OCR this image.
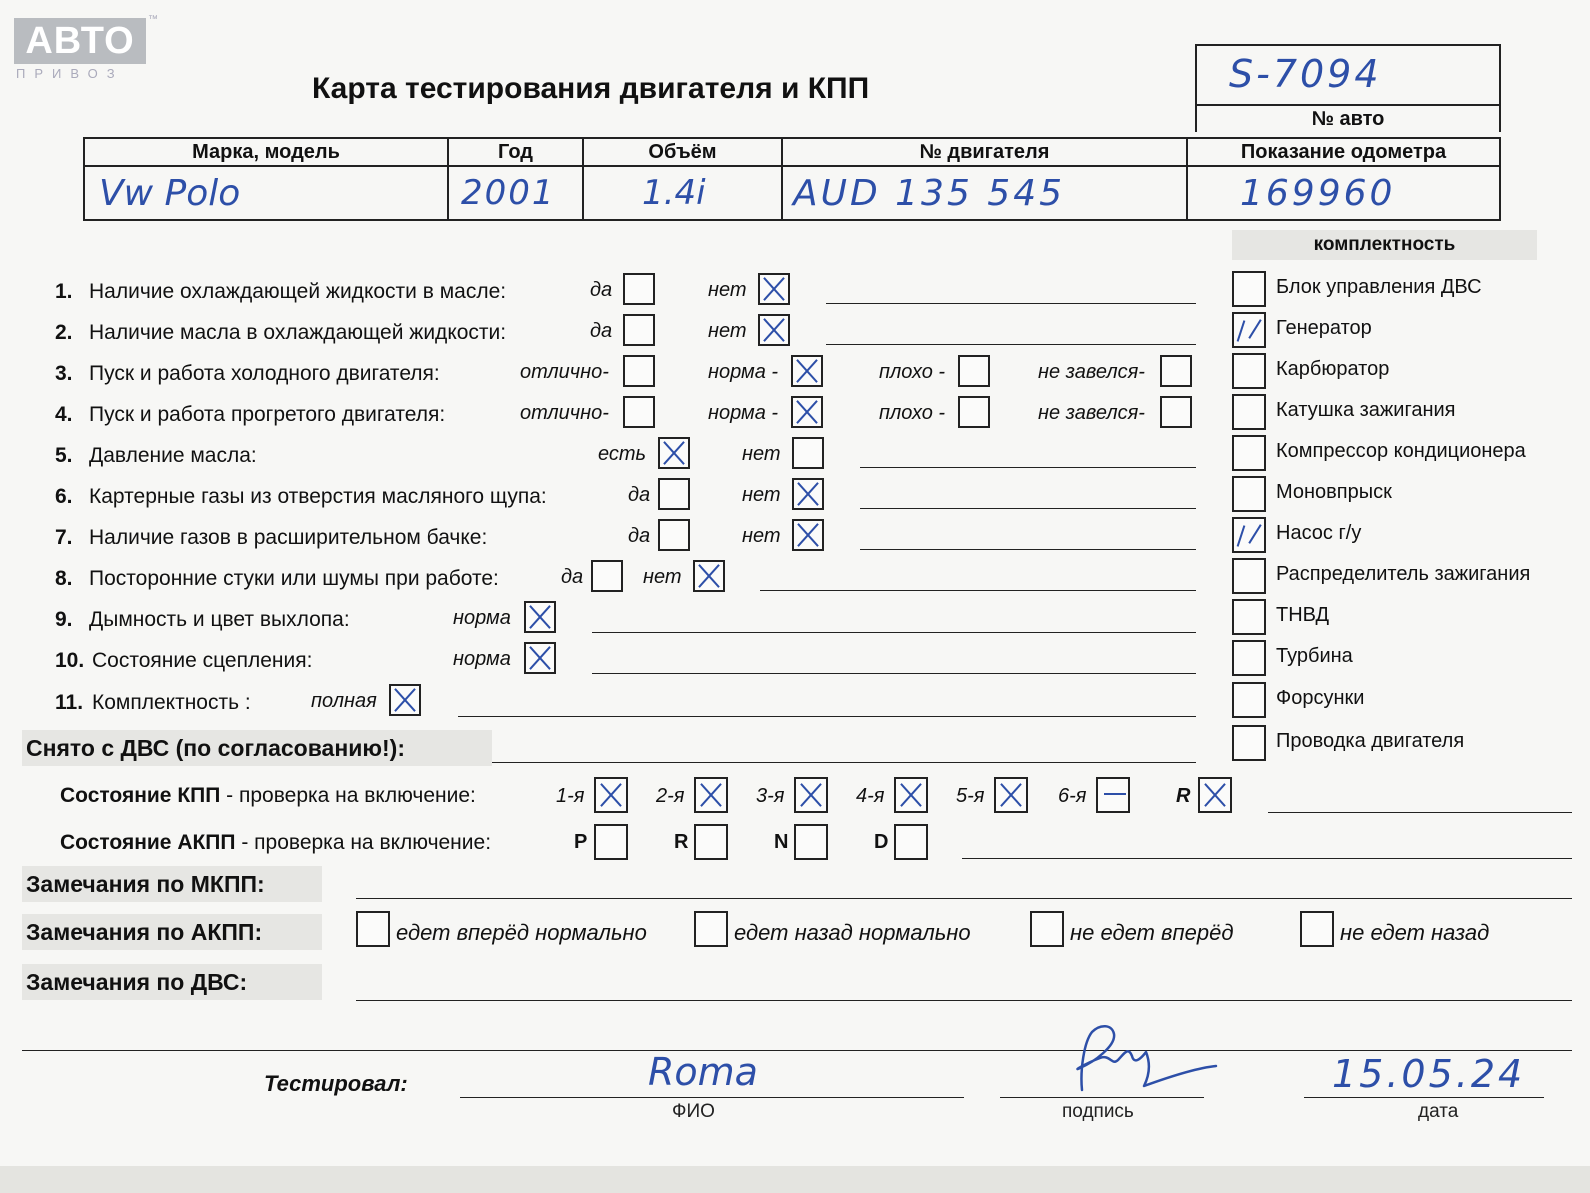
АВТО
™
ПРИВОЗ	Карта тестирования двигателя и КПП	S-7094
№ авто
Марка, модель	Год	Объём	№ двигателя	Показание одометра
Vw Polo	2001	1.4i	AUD 135 545	169960
комплектность
Блок управления ДВС
Генератор
Карбюратор
Катушка зажигания
Компрессор кондиционера
Моновпрыск
Насос г/у
Распределитель зажигания
ТНВД
Турбина
Форсунки
Проводка двигателя
1. Наличие охлаждающей жидкости в масле:	да	нет
2. Наличие масла в охлаждающей жидкости:	да	нет
3. Пуск и работа холодного двигателя:	отлично-	норма -	плохо -	не завелся-
4. Пуск и работа прогретого двигателя:	отлично-	норма -	плохо -	не завелся-
5. Давление масла:	есть	нет
6. Картерные газы из отверстия масляного щупа:	да	нет
7. Наличие газов в расширительном бачке:	да	нет
8. Посторонние стуки или шумы при работе:	да	нет
9. Дымность и цвет выхлопа:	норма
10. Состояние сцепления:	норма
11. Комплектность :	полная
Снято с ДВС (по согласованию!):
Состояние КПП - проверка на включение:	1-я	2-я	3-я	4-я	5-я	6-я	R
Состояние АКПП - проверка на включение:	P	R	N	D
Замечания по МКПП:
Замечания по АКПП:	едет вперёд нормально	едет назад нормально	не едет вперёд	не едет назад
Замечания по ДВС:
Тестировал:	Roma
ФИО	подпись
15.05.24
дата
